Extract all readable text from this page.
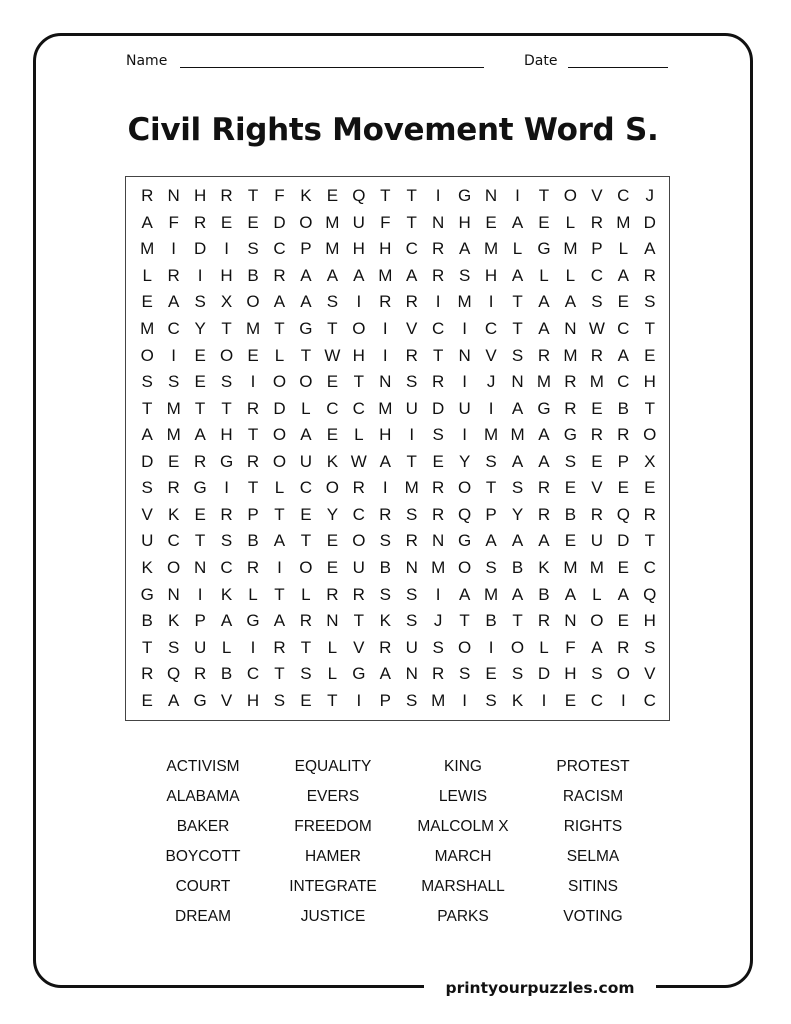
Name	Date
Civil Rights Movement Word S.
R N H R T F K E Q T T	I	G N	I	T O V C J
A F R E E D O M U F T N H E A E L R M D
M	I	D	I	S C P M H H C R A M L G M P L A
L R	I	H B R A A A M A R S H A L L C A R
E A S X O A A S	I	R R	I	M	I	T A A S E S
M C Y T M T G T O	I	V C	I	C T A N W C T
O	I	E O E L T W H	I	R T N V S R M R A E
S S E S	I	O O E T N S R	I	J N M R M C H
T M T T R D L C C M U D U	I	A G R E B T
A M A H T O A E L H	I	S	I	M M A G R R O
D E R G R O U K W A T E Y S A A S E P X
S R G	I	T L C O R	I M R O T S R E V E E
V K E R P T E Y C R S R Q P Y R B R Q R
U C T S B A T E O S R N G A A A E U D T
K O N C R	I	O E U B N M O S B K M M E C
G N	I	K L T L R R S S	I	A M A B A L A Q
B K P A G A R N T K S J	T B T R N O E H
T S U L	I	R T L V R U S O	I	O L F A R S
R Q R B C T S L G A N R S E S D H S O V
E A G V H S E T	I	P S M	I	S K	I	E C	I	C
ACTIVISM	EQUALITY	KING	PROTEST
ALABAMA	EVERS	LEWIS	RACISM
BAKER	FREEDOM	MALCOLM X	RIGHTS
BOYCOTT	HAMER	MARCH	SELMA
COURT	INTEGRATE	MARSHALL	SITINS
DREAM	JUSTICE	PARKS	VOTING
printyourpuzzles.com
